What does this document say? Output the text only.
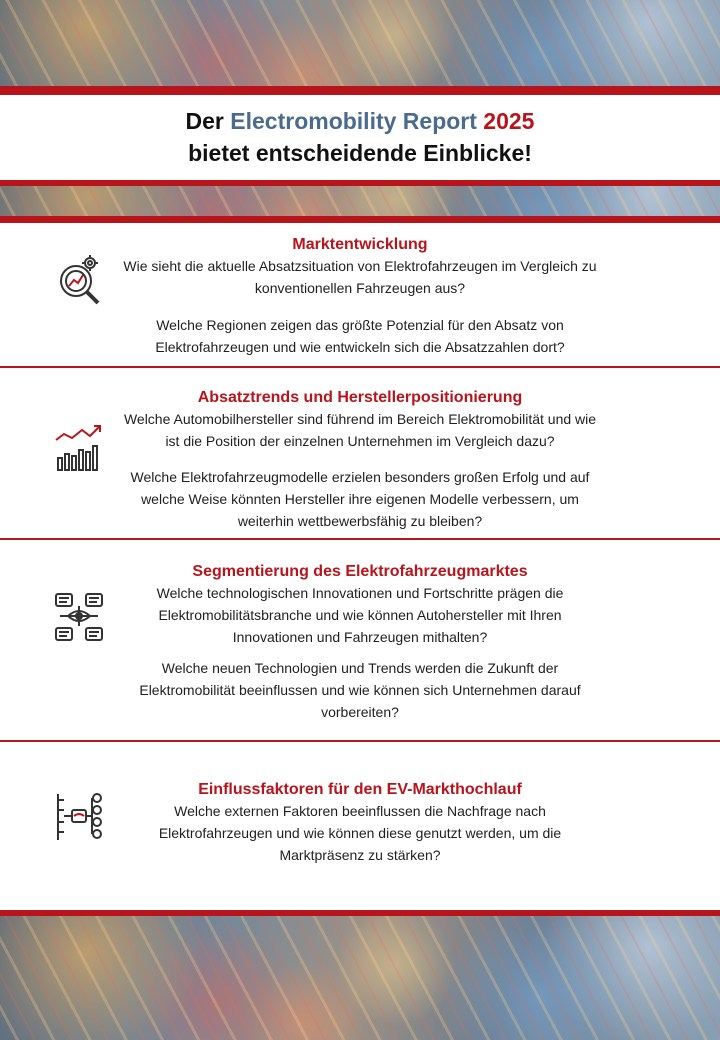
Der Electromobility Report 2025
bietet entscheidende Einblicke!
Marktentwicklung
Wie sieht die aktuelle Absatzsituation von Elektrofahrzeugen im Vergleich zu konventionellen Fahrzeugen aus?
Welche Regionen zeigen das größte Potenzial für den Absatz von Elektrofahrzeugen und wie entwickeln sich die Absatzzahlen dort?
Absatztrends und Herstellerpositionierung
Welche Automobilhersteller sind führend im Bereich Elektromobilität und wie ist die Position der einzelnen Unternehmen im Vergleich dazu?
Welche Elektrofahrzeugmodelle erzielen besonders großen Erfolg und auf welche Weise könnten Hersteller ihre eigenen Modelle verbessern, um weiterhin wettbewerbsfähig zu bleiben?
Segmentierung des Elektrofahrzeugmarktes
Welche technologischen Innovationen und Fortschritte prägen die Elektromobilitätsbranche und wie können Autohersteller mit Ihren Innovationen und Fahrzeugen mithalten?
Welche neuen Technologien und Trends werden die Zukunft der Elektromobilität beeinflussen und wie können sich Unternehmen darauf vorbereiten?
Einflussfaktoren für den EV-Markthochlauf
Welche externen Faktoren beeinflussen die Nachfrage nach Elektrofahrzeugen und wie können diese genutzt werden, um die Marktpräsenz zu stärken?
